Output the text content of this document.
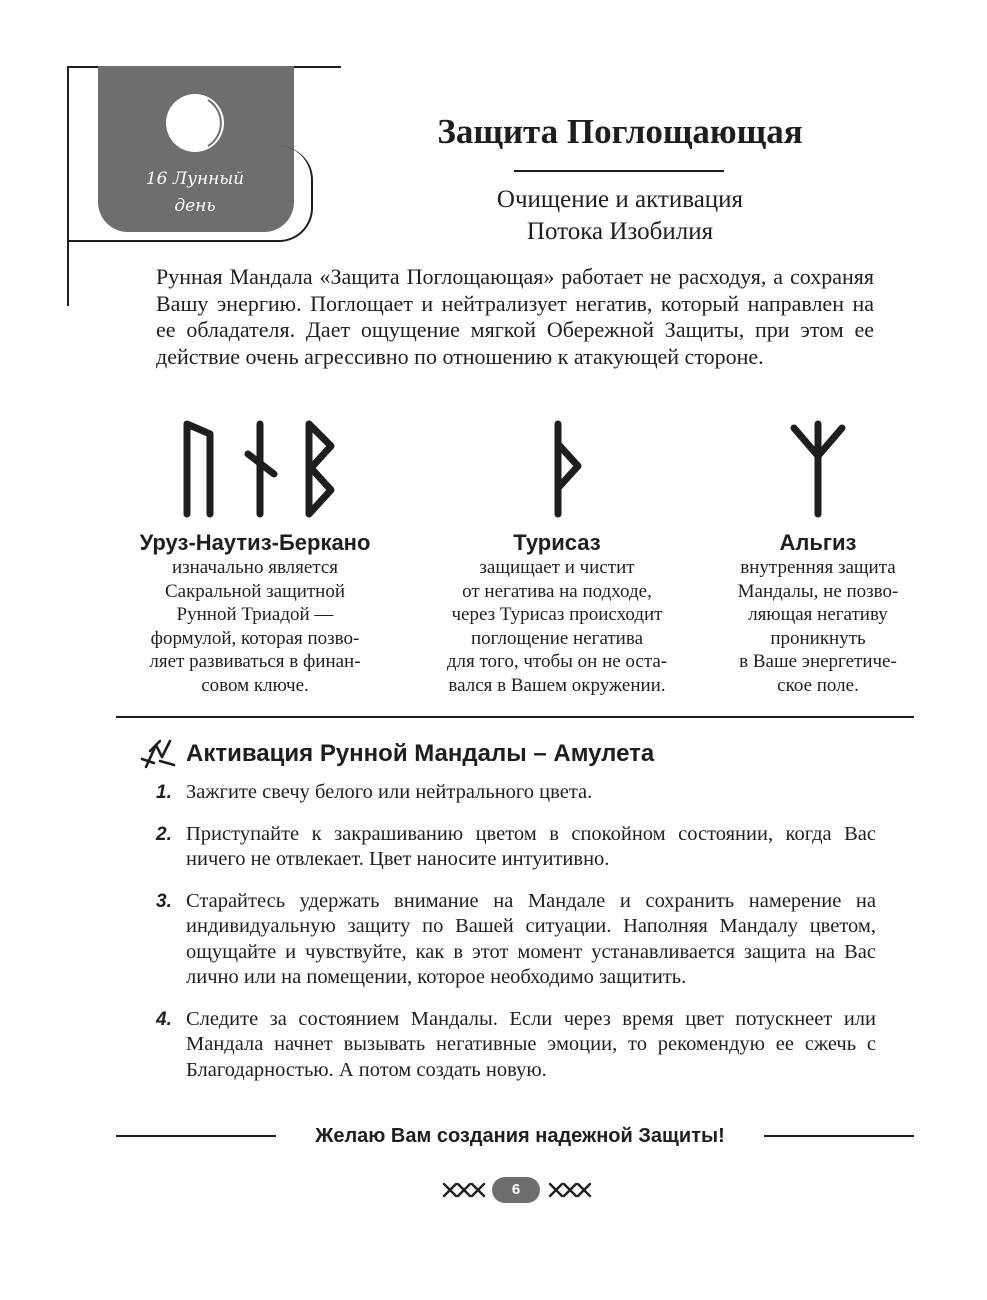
16 Лунный
день
Защита Поглощающая
Очищение и активация
Потока Изобилия

Рунная Мандала «Защита Поглощающая» работает не расходуя, а сохраняя Вашу энергию. Поглощает и нейтрализует негатив, который направлен на ее обладателя. Дает ощущение мягкой Обережной Защиты, при этом ее действие очень агрессивно по отношению к атакующей стороне.

Уруз-Наутиз-Беркано
изначально является
Сакральной защитной
Рунной Триадой —
формулой, которая позво-
ляет развиваться в финан-
совом ключе.
Турисаз
защищает и чистит
от негатива на подходе,
через Турисаз происходит
поглощение негатива
для того, чтобы он не оста-
вался в Вашем окружении.
Альгиз
внутренняя защита
Мандалы, не позво-
ляющая негативу
проникнуть
в Ваше энергетиче-
ское поле.
Активация Рунной Мандалы – Амулета
1. Зажгите свечу белого или нейтрального цвета.
2. Приступайте к закрашиванию цветом в спокойном состоянии, когда Вас ничего не отвлекает. Цвет наносите интуитивно.
3. Старайтесь удержать внимание на Мандале и сохранить намерение на индивидуальную защиту по Вашей ситуации. Наполняя Мандалу цветом, ощущайте и чувствуйте, как в этот момент устанавливается защита на Вас лично или на помещении, которое необходимо защитить.
4. Следите за состоянием Мандалы. Если через время цвет потускнеет или Мандала начнет вызывать негативные эмоции, то рекомендую ее сжечь с Благодарностью. А потом создать новую.
Желаю Вам создания надежной Защиты!
6
